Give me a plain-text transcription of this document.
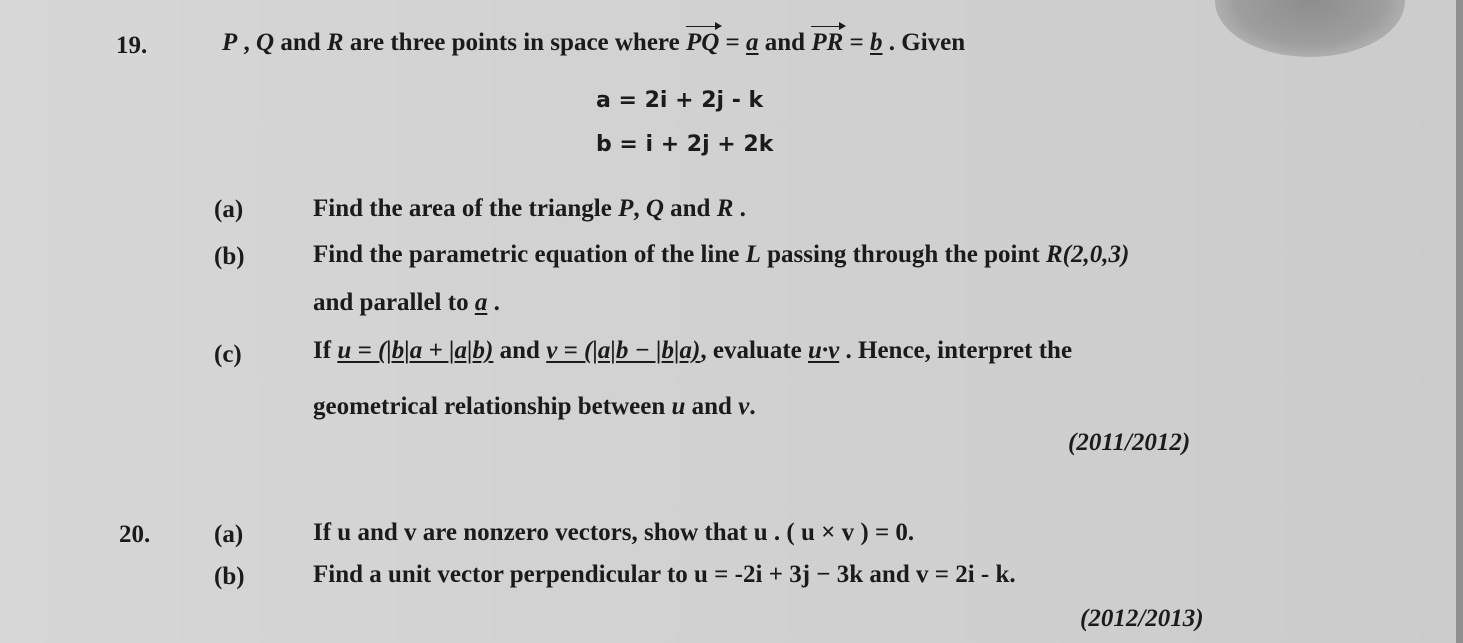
19.	P , Q and R are three points in space where PQ = a and PR = b . Given
a = 2i + 2j - k
b = i + 2j + 2k
(a)	Find the area of the triangle P, Q and R .
(b)	Find the parametric equation of the line L passing through the point R(2,0,3)
and parallel to a .
(c)	If u = (|b|a + |a|b) and v = (|a|b − |b|a), evaluate u·v . Hence, interpret the
geometrical relationship between u and v.
(2011/2012)
20.	(a)	If u and v are nonzero vectors, show that u . ( u × v ) = 0.
(b)	Find a unit vector perpendicular to u = -2i + 3j − 3k and v = 2i - k.
(2012/2013)
